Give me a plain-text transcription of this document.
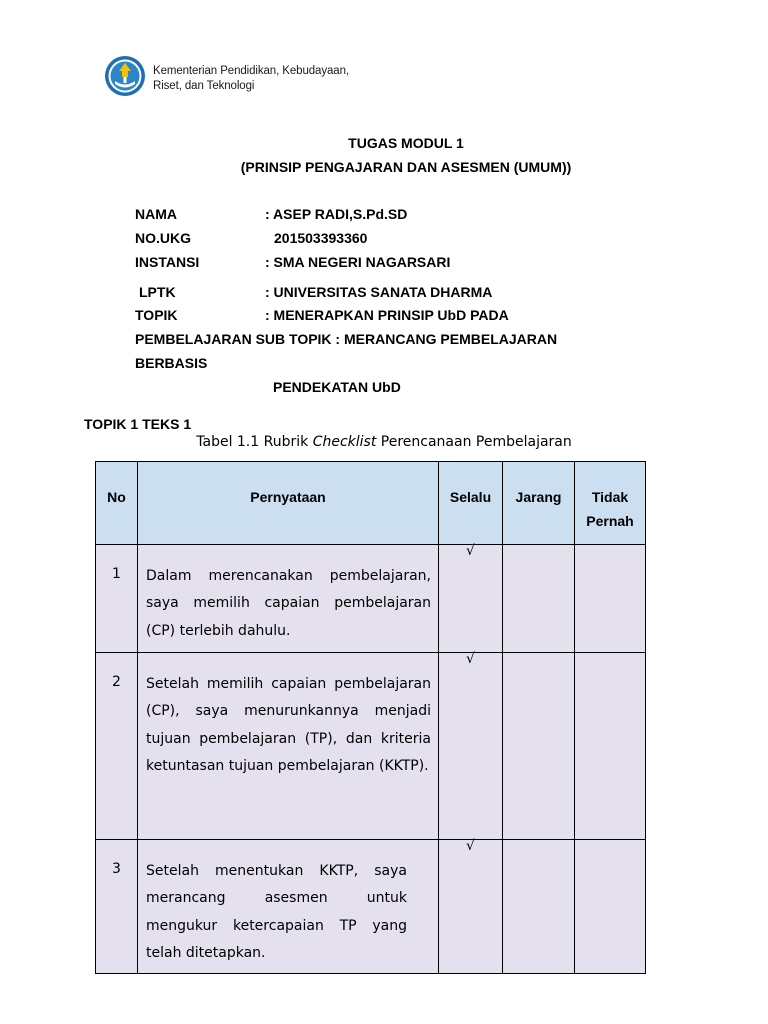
Kementerian Pendidikan, Kebudayaan,
Riset, dan Teknologi
TUGAS MODUL 1
(PRINSIP PENGAJARAN DAN ASESMEN (UMUM))
NAMA	: ASEP RADI,S.Pd.SD
NO.UKG	201503393360
INSTANSI	: SMA NEGERI NAGARSARI
LPTK	: UNIVERSITAS SANATA DHARMA
TOPIK	: MENERAPKAN PRINSIP UbD PADA
PEMBELAJARAN SUB TOPIK : MERANCANG PEMBELAJARAN
BERBASIS
PENDEKATAN UbD
TOPIK 1 TEKS 1
Tabel 1.1 Rubrik Checklist Perencanaan Pembelajaran
No	Pernyataan	Selalu	Jarang	Tidak
Pernah

1	Dalam merencanakan pembelajaran, saya memilih capaian pembelajaran (CP) terlebih dahulu.	√		

2	Setelah memilih capaian pembelajaran (CP), saya menurunkannya menjadi tujuan pembelajaran (TP), dan kriteria ketuntasan tujuan pembelajaran (KKTP).	√		

3	Setelah menentukan KKTP, saya merancang asesmen untuk mengukur ketercapaian TP yang telah ditetapkan.	√		
